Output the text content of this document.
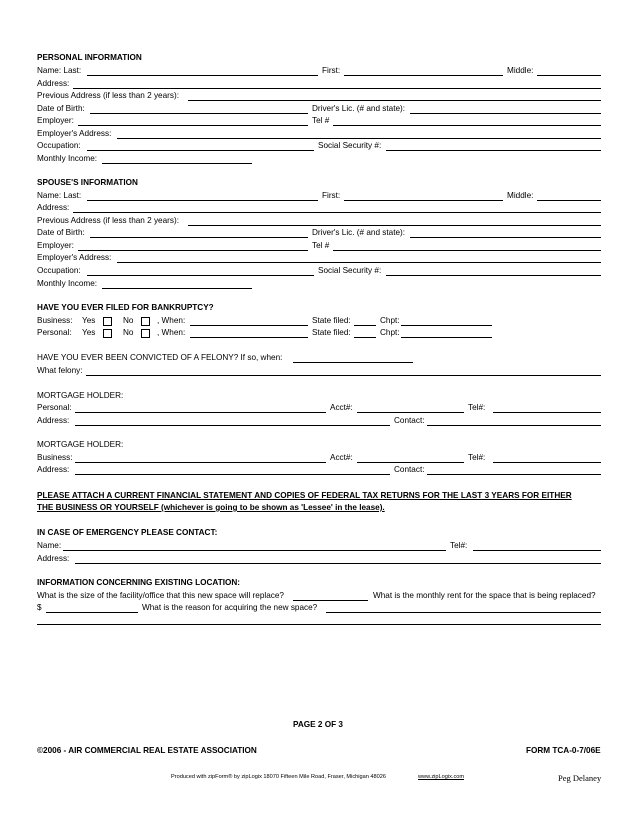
PERSONAL INFORMATION
Name: Last:	First:	Middle:
Address:
Previous Address (if less than 2 years):
Date of Birth:	Driver's Lic. (# and state):
Employer:	Tel #
Employer's Address:
Occupation:	Social Security #:
Monthly Income:
SPOUSE'S INFORMATION
Name: Last:	First:	Middle:
Address:
Previous Address (if less than 2 years):
Date of Birth:	Driver's Lic. (# and state):
Employer:	Tel #
Employer's Address:
Occupation:	Social Security #:
Monthly Income:
HAVE YOU EVER FILED FOR BANKRUPTCY?
Business: Yes	No	, When:	State filed:	Chpt:
Personal: Yes	No	, When:	State filed:	Chpt:
HAVE YOU EVER BEEN CONVICTED OF A FELONY? If so, when:
What felony:
MORTGAGE HOLDER:
Personal:	Acct#:	Tel#:
Address:	Contact:
MORTGAGE HOLDER:
Business:	Acct#:	Tel#:
Address:	Contact:
PLEASE ATTACH A CURRENT FINANCIAL STATEMENT AND COPIES OF FEDERAL TAX RETURNS FOR THE LAST 3 YEARS FOR EITHER
THE BUSINESS OR YOURSELF (whichever is going to be shown as 'Lessee' in the lease).
IN CASE OF EMERGENCY PLEASE CONTACT:
Name:	Tel#:
Address:
INFORMATION CONCERNING EXISTING LOCATION:
What is the size of the facility/office that this new space will replace?	What is the monthly rent for the space that is being replaced?
$	What is the reason for acquiring the new space?
PAGE 2 OF 3
©2006 - AIR COMMERCIAL REAL ESTATE ASSOCIATION	FORM TCA-0-7/06E
Produced with zipForm® by zipLogix 18070 Fifteen Mile Road, Fraser, Michigan 48026	www.zipLogix.com	Peg Delaney
